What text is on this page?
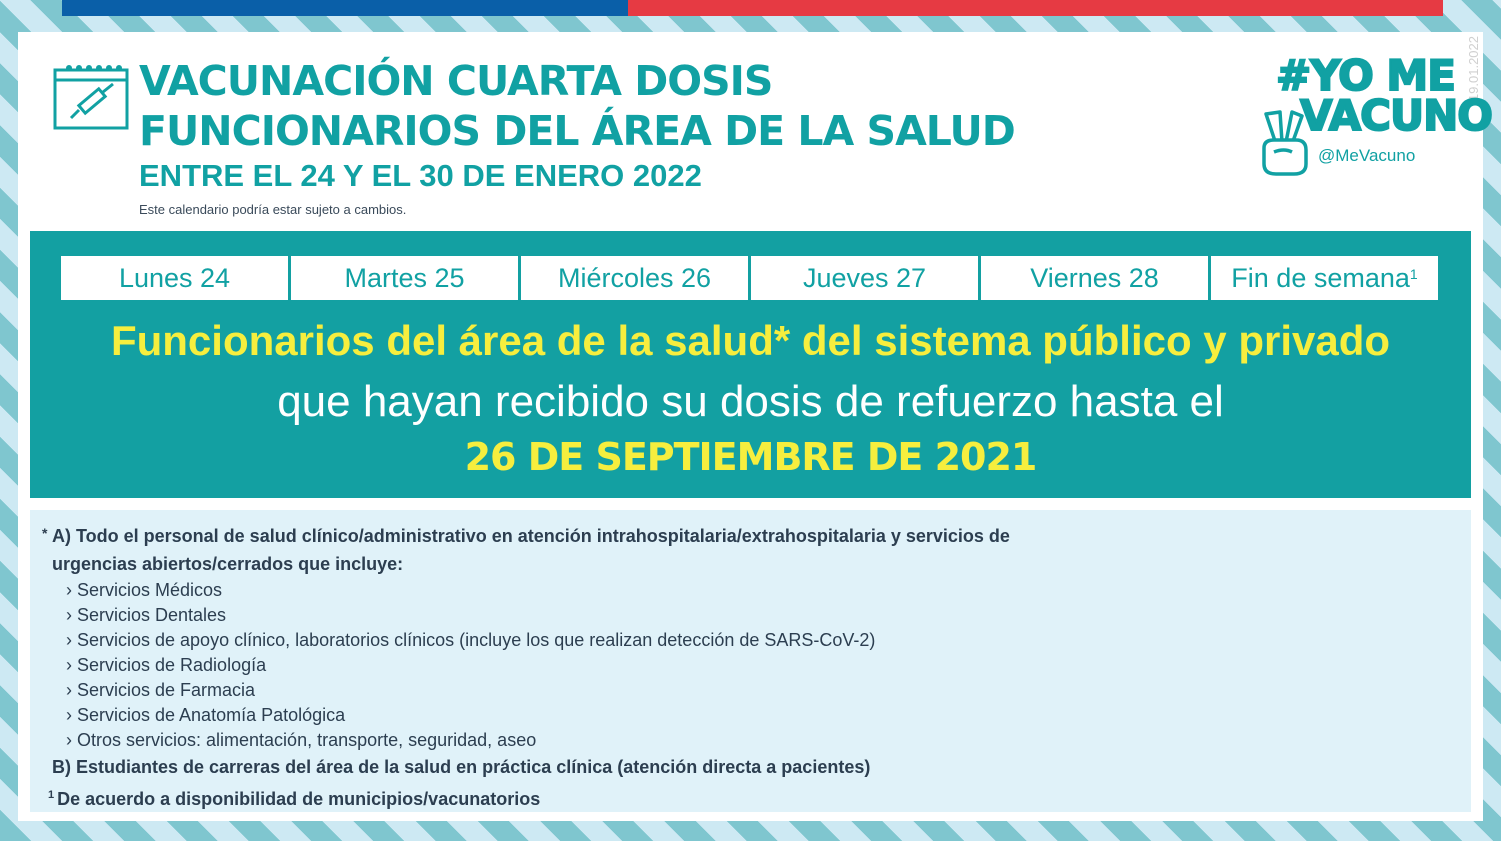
VACUNACIÓN CUARTA DOSIS
FUNCIONARIOS DEL ÁREA DE LA SALUD
ENTRE EL 24 Y EL 30 DE ENERO 2022
Este calendario podría estar sujeto a cambios.
19.01.2022
#YO ME
VACUNO
@MeVacuno
Lunes 24	Martes 25	Miércoles 26	Jueves 27	Viernes 28	Fin de semana$^1$
Funcionarios del área de la salud* del sistema público y privado
que hayan recibido su dosis de refuerzo hasta el
26 DE SEPTIEMBRE DE 2021
* A) Todo el personal de salud clínico/administrativo en atención intrahospitalaria/extrahospitalaria y servicios de
urgencias abiertos/cerrados que incluye:
› Servicios Médicos
› Servicios Dentales
› Servicios de apoyo clínico, laboratorios clínicos (incluye los que realizan detección de SARS-CoV-2)
› Servicios de Radiología
› Servicios de Farmacia
› Servicios de Anatomía Patológica
› Otros servicios: alimentación, transporte, seguridad, aseo
B) Estudiantes de carreras del área de la salud en práctica clínica (atención directa a pacientes)
$^1$ De acuerdo a disponibilidad de municipios/vacunatorios
